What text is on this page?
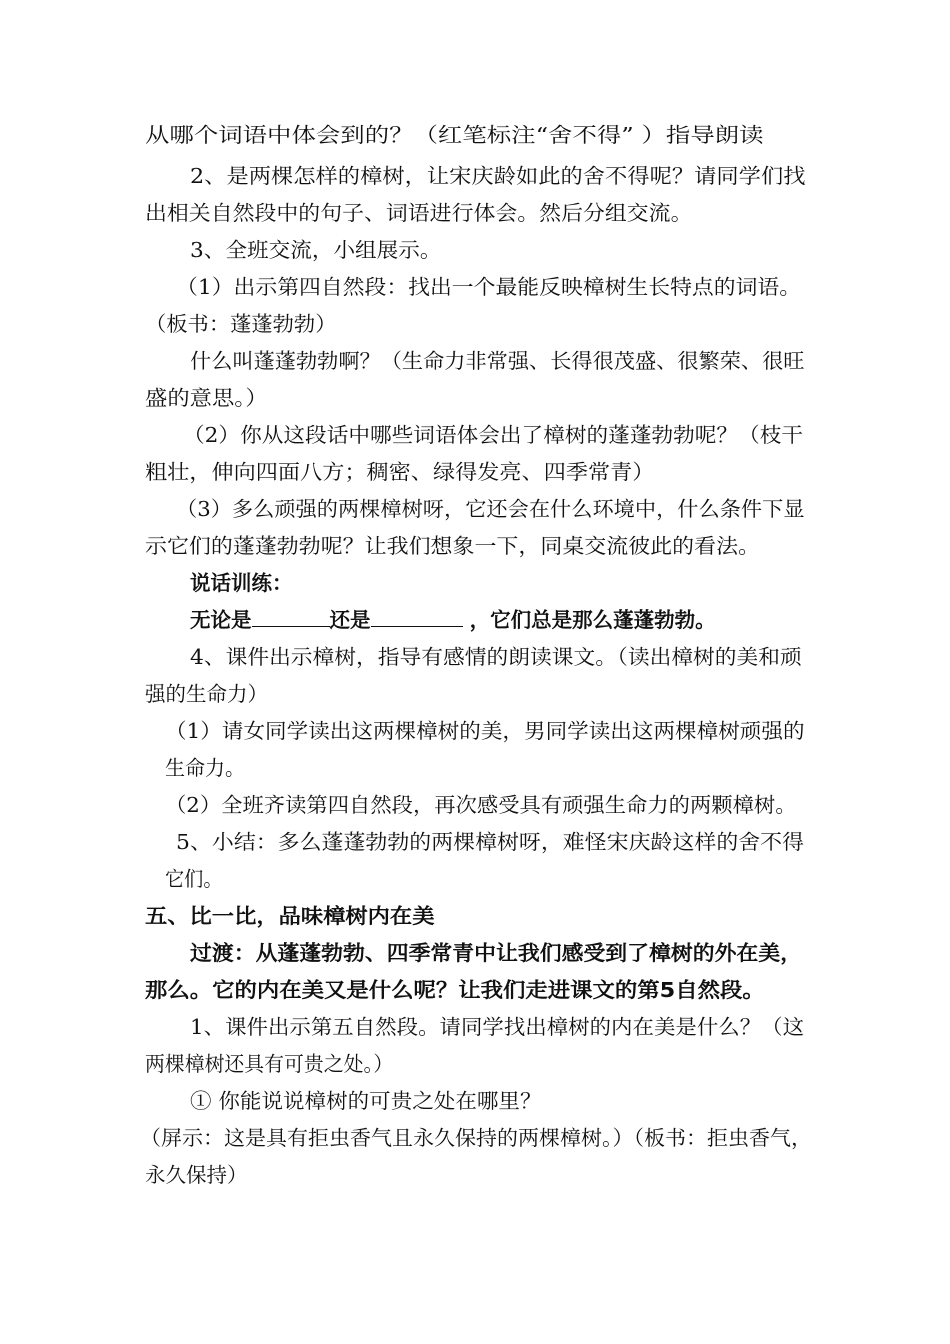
从哪个词语中体会到的？（红笔标注“舍不得” ）指导朗读
2、是两棵怎样的樟树，让宋庆龄如此的舍不得呢？请同学们找
出相关自然段中的句子、词语进行体会。然后分组交流。
3、全班交流，小组展示。
（1）出示第四自然段：找出一个最能反映樟树生长特点的词语。
（板书：蓬蓬勃勃）
什么叫蓬蓬勃勃啊？（生命力非常强、长得很茂盛、很繁荣、很旺
盛的意思。）
（2）你从这段话中哪些词语体会出了樟树的蓬蓬勃勃呢？（枝干
粗壮，伸向四面八方；稠密、绿得发亮、四季常青）
（3）多么顽强的两棵樟树呀，它还会在什么环境中，什么条件下显
示它们的蓬蓬勃勃呢？让我们想象一下，同桌交流彼此的看法。
说话训练：
无论是	还是	，它们总是那么蓬蓬勃勃。
4、课件出示樟树，指导有感情的朗读课文。（读出樟树的美和顽
强的生命力）
（1）请女同学读出这两棵樟树的美，男同学读出这两棵樟树顽强的
生命力。
（2）全班齐读第四自然段，再次感受具有顽强生命力的两颗樟树。
5、小结：多么蓬蓬勃勃的两棵樟树呀，难怪宋庆龄这样的舍不得
它们。
五、比一比，品味樟树内在美
过渡：从蓬蓬勃勃、四季常青中让我们感受到了樟树的外在美，
那么。它的内在美又是什么呢？让我们走进课文的第5自然段。
1、课件出示第五自然段。请同学找出樟树的内在美是什么？（这
两棵樟树还具有可贵之处。）
① 你能说说樟树的可贵之处在哪里？
（屏示：这是具有拒虫香气且永久保持的两棵樟树。）（板书：拒虫香气，
永久保持）
